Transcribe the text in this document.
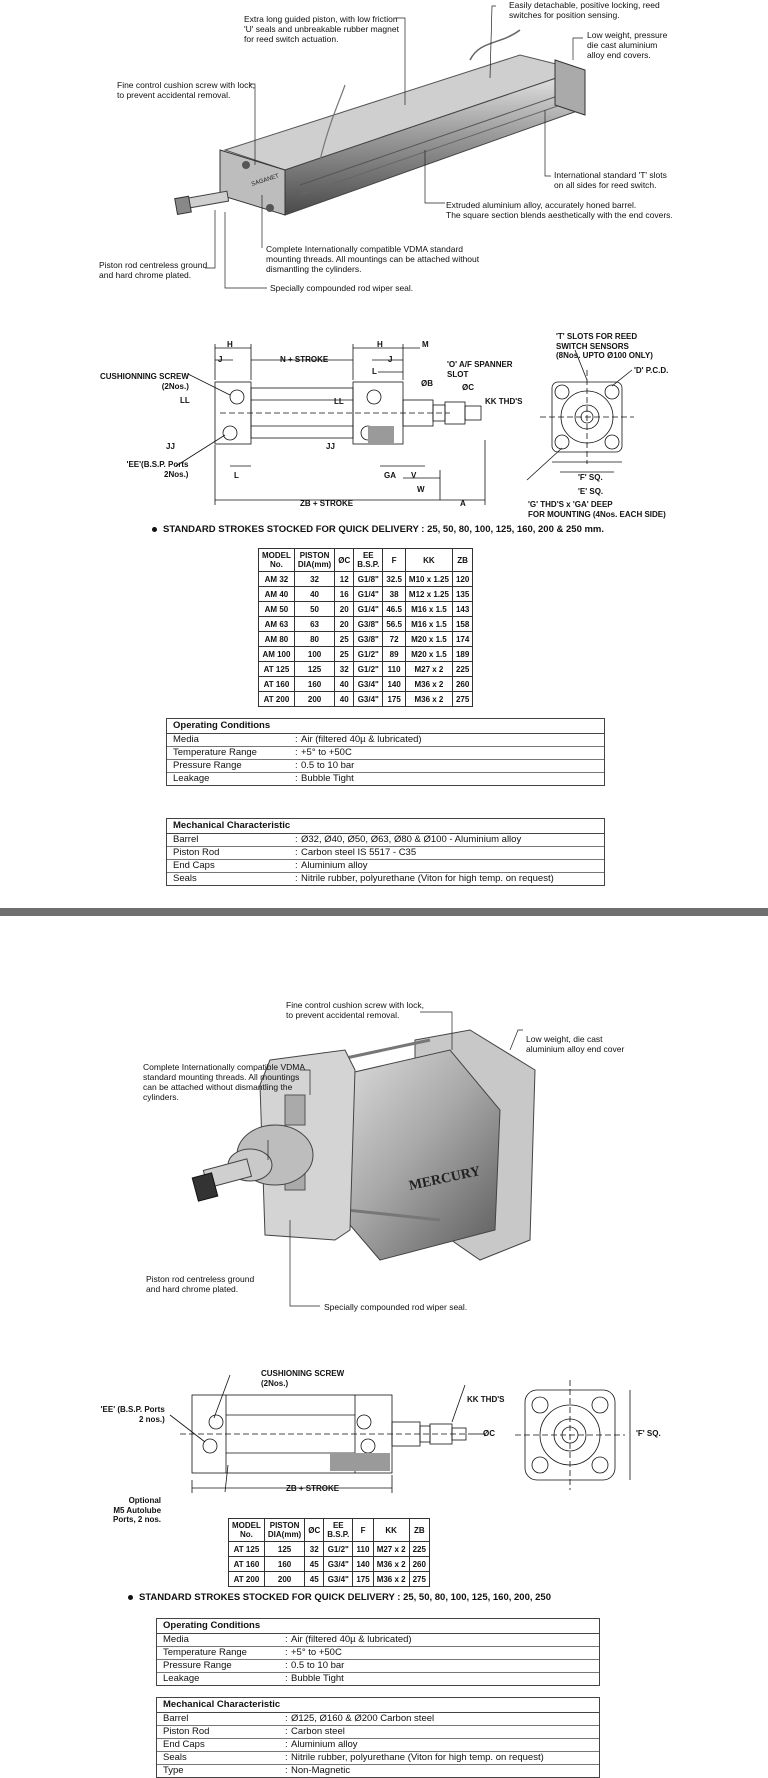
SAGANET
Easily detachable, positive locking, reed
switches for position sensing.
Extra long guided piston, with low friction
'U' seals and unbreakable rubber magnet
for reed switch actuation.	Low weight, pressure
die cast aluminium
alloy end covers.
Fine control cushion screw with lock,
to prevent accidental removal.
International standard 'T' slots
on all sides for reed switch.
Extruded aluminium alloy, accurately honed barrel.
The square section blends aesthetically with the end covers.
Complete Internationally compatible VDMA standard
mounting threads. All mountings can be attached without
dismantling the cylinders.
Piston rod centreless ground
and hard chrome plated.
Specially compounded rod wiper seal.
H
J	N + STROKE
H	M
J
L
CUSHIONNING SCREW
(2Nos.)
LL	LL
JJ	JJ
'EE'(B.S.P. Ports
2Nos.)	L	GA V
W
A
ZB + STROKE
ØB	ØC
'O' A/F SPANNER
SLOT
KK THD'S
'T' SLOTS FOR REED
SWITCH SENSORS
(8Nos. UPTO Ø100 ONLY)
'D' P.C.D.
'F' SQ.
'E' SQ.
'G' THD'S x 'GA' DEEP
FOR MOUNTING (4Nos. EACH SIDE)
STANDARD STROKES STOCKED FOR QUICK DELIVERY : 25, 50, 80, 100, 125, 160, 200 & 250 mm.
MODEL
No.	PISTON
DIA(mm)	ØC	EE
B.S.P.	F	KK	ZB

AM 32	32	12	G1/8"	32.5	M10 x 1.25	120
AM 40	40	16	G1/4"	38	M12 x 1.25	135
AM 50	50	20	G1/4"	46.5	M16 x 1.5	143
AM 63	63	20	G3/8"	56.5	M16 x 1.5	158
AM 80	80	25	G3/8"	72	M20 x 1.5	174
AM 100	100	25	G1/2"	89	M20 x 1.5	189
AT 125	125	32	G1/2"	110	M27 x 2	225
AT 160	160	40	G3/4"	140	M36 x 2	260
AT 200	200	40	G3/4"	175	M36 x 2	275
Operating Conditions
Media	: Air (filtered 40µ & lubricated)
Temperature Range	: +5° to +50C
Pressure Range	: 0.5 to 10 bar
Leakage	: Bubble Tight
Mechanical Characteristic
Barrel	: Ø32, Ø40, Ø50, Ø63, Ø80 & Ø100 - Aluminium alloy
Piston Rod	: Carbon steel IS 5517 - C35
End Caps	: Aluminium alloy
Seals	: Nitrile rubber, polyurethane (Viton for high temp. on request)
MERCURY
Fine control cushion screw with lock,
to prevent accidental removal.
Low weight, die cast
aluminium alloy end cover
Complete Internationally compatible VDMA
standard mounting threads. All mountings
can be attached without dismantling the
cylinders.
Piston rod centreless ground
and hard chrome plated.
Specially compounded rod wiper seal.
CUSHIONING SCREW
(2Nos.)
'EE' (B.S.P. Ports
2 nos.)
KK THD'S
ØC	'F' SQ.
ZB + STROKE
Optional
M5 Autolube
Ports, 2 nos.
MODEL
No.	PISTON
DIA(mm)	ØC	EE
B.S.P.	F	KK	ZB

AT 125	125	32	G1/2"	110	M27 x 2	225
AT 160	160	45	G3/4"	140	M36 x 2	260
AT 200	200	45	G3/4"	175	M36 x 2	275
STANDARD STROKES STOCKED FOR QUICK DELIVERY : 25, 50, 80, 100, 125, 160, 200, 250
Operating Conditions
Media	: Air (filtered 40µ & lubricated)
Temperature Range	: +5° to +50C
Pressure Range	: 0.5 to 10 bar
Leakage	: Bubble Tight
Mechanical Characteristic
Barrel	: Ø125, Ø160 & Ø200 Carbon steel
Piston Rod	: Carbon steel
End Caps	: Aluminium alloy
Seals	: Nitrile rubber, polyurethane (Viton for high temp. on request)
Type	: Non-Magnetic
